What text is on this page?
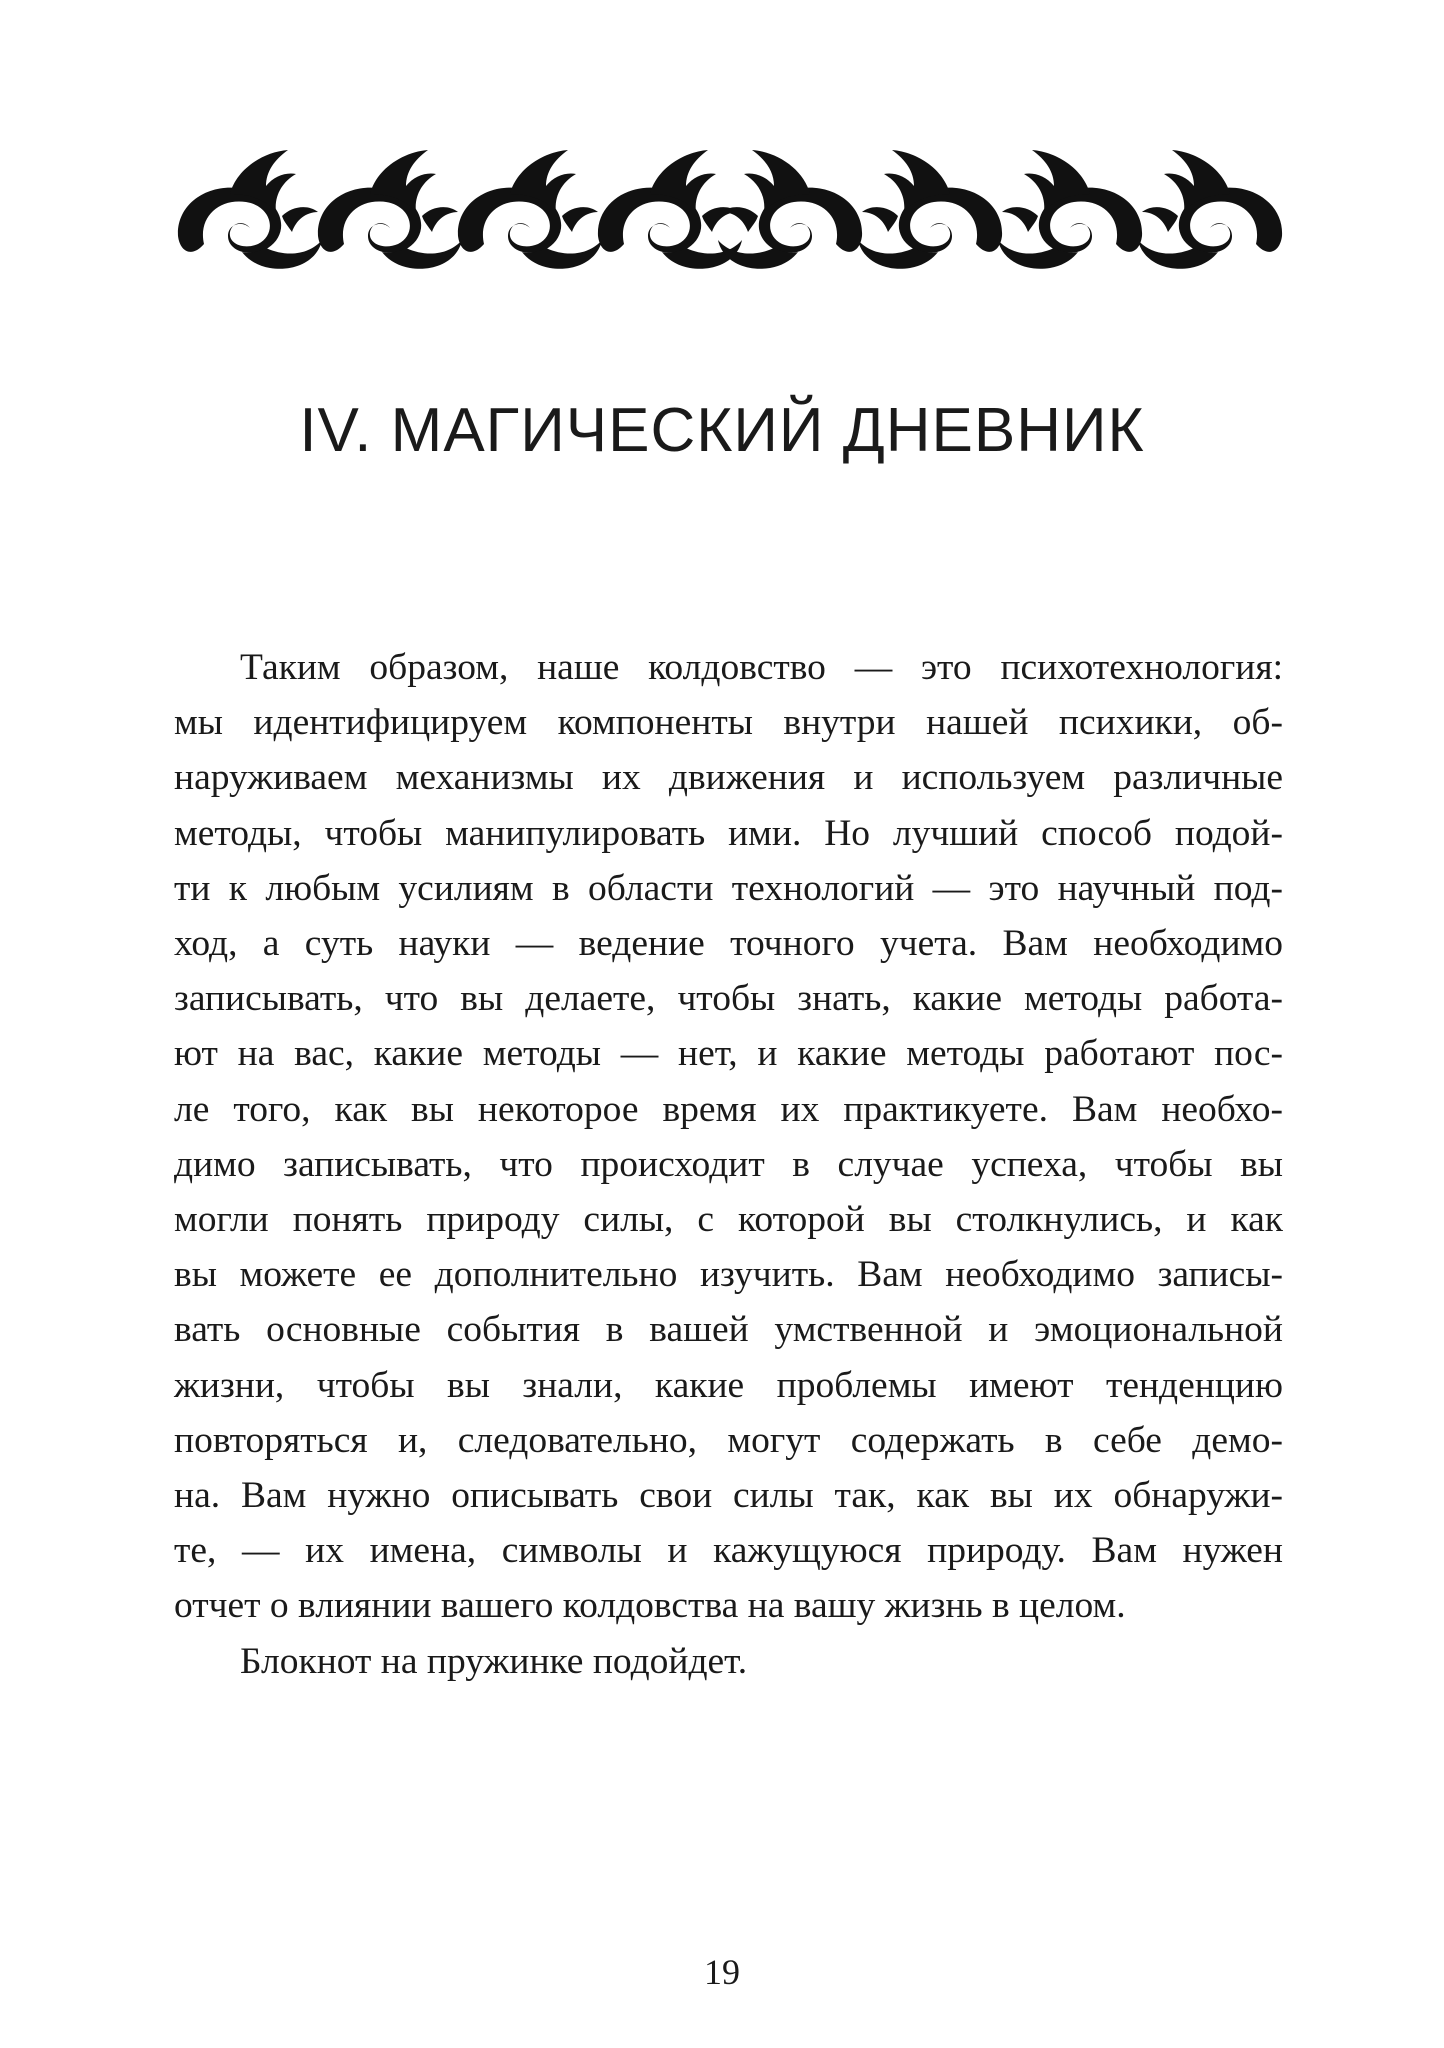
IV. МАГИЧЕСКИЙ ДНЕВНИК

Таким образом, наше колдовство — это психотехнология:
мы идентифицируем компоненты внутри нашей психики, об-
наруживаем механизмы их движения и используем различные
методы, чтобы манипулировать ими. Но лучший способ подой-
ти к любым усилиям в области технологий — это научный под-
ход, а суть науки — ведение точного учета. Вам необходимо
записывать, что вы делаете, чтобы знать, какие методы работа-
ют на вас, какие методы — нет, и какие методы работают пос-
ле того, как вы некоторое время их практикуете. Вам необхо-
димо записывать, что происходит в случае успеха, чтобы вы
могли понять природу силы, с которой вы столкнулись, и как
вы можете ее дополнительно изучить. Вам необходимо записы-
вать основные события в вашей умственной и эмоциональной
жизни, чтобы вы знали, какие проблемы имеют тенденцию
повторяться и, следовательно, могут содержать в себе демо-
на. Вам нужно описывать свои силы так, как вы их обнаружи-
те, — их имена, символы и кажущуюся природу. Вам нужен
отчет о влиянии вашего колдовства на вашу жизнь в целом.

Блокнот на пружинке подойдет.

19
